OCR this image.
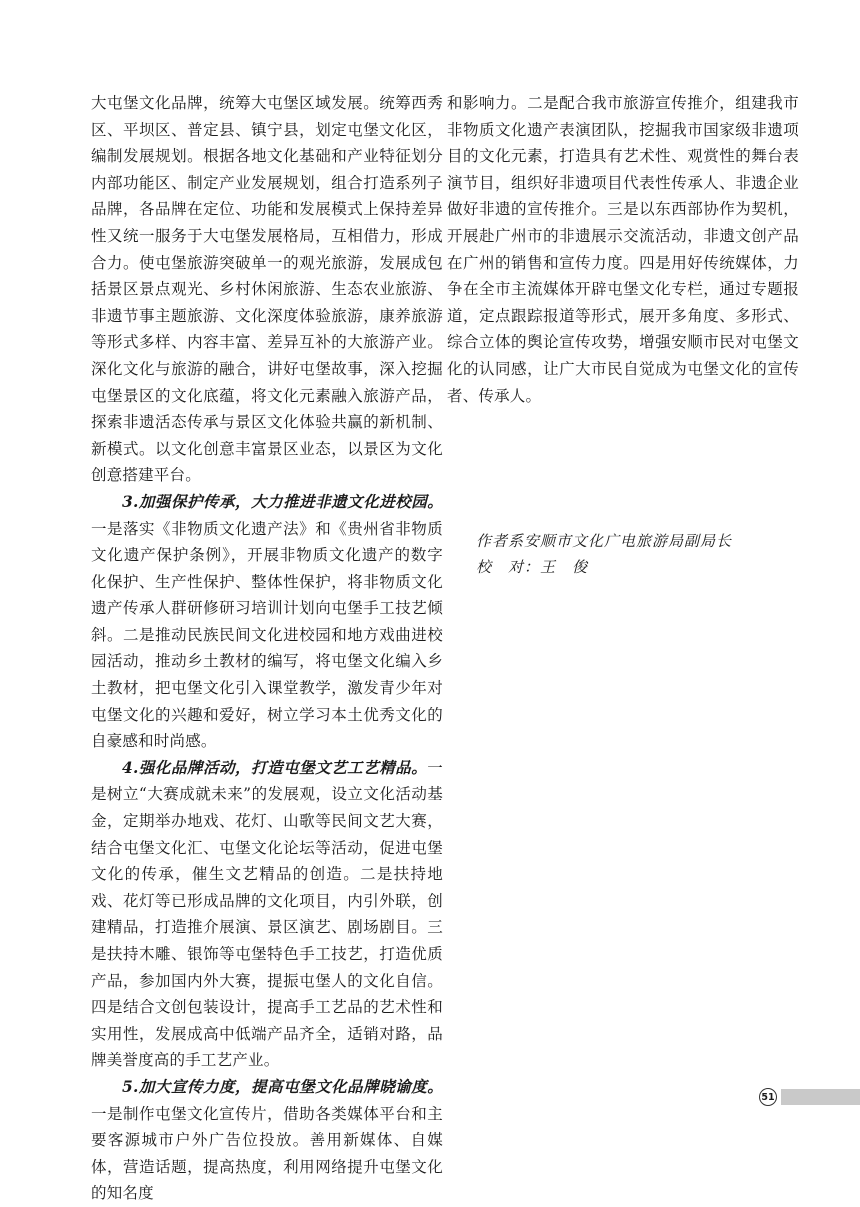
大屯堡文化品牌，统筹大屯堡区域发展。统筹西秀区、平坝区、普定县、镇宁县，划定屯堡文化区，编制发展规划。根据各地文化基础和产业特征划分内部功能区、制定产业发展规划，组合打造系列子品牌，各品牌在定位、功能和发展模式上保持差异性又统一服务于大屯堡发展格局，互相借力，形成合力。使屯堡旅游突破单一的观光旅游，发展成包括景区景点观光、乡村休闲旅游、生态农业旅游、非遗节事主题旅游、文化深度体验旅游，康养旅游等形式多样、内容丰富、差异互补的大旅游产业。深化文化与旅游的融合，讲好屯堡故事，深入挖掘屯堡景区的文化底蕴，将文化元素融入旅游产品，探索非遗活态传承与景区文化体验共赢的新机制、新模式。以文化创意丰富景区业态，以景区为文化创意搭建平台。

3.加强保护传承，大力推进非遗文化进校园。一是落实《非物质文化遗产法》和《贵州省非物质文化遗产保护条例》，开展非物质文化遗产的数字化保护、生产性保护、整体性保护，将非物质文化遗产传承人群研修研习培训计划向屯堡手工技艺倾斜。二是推动民族民间文化进校园和地方戏曲进校园活动，推动乡土教材的编写，将屯堡文化编入乡土教材，把屯堡文化引入课堂教学，激发青少年对屯堡文化的兴趣和爱好，树立学习本土优秀文化的自豪感和时尚感。

4.强化品牌活动，打造屯堡文艺工艺精品。一是树立“大赛成就未来”的发展观，设立文化活动基金，定期举办地戏、花灯、山歌等民间文艺大赛，结合屯堡文化汇、屯堡文化论坛等活动，促进屯堡文化的传承，催生文艺精品的创造。二是扶持地戏、花灯等已形成品牌的文化项目，内引外联，创建精品，打造推介展演、景区演艺、剧场剧目。三是扶持木雕、银饰等屯堡特色手工技艺，打造优质产品，参加国内外大赛，提振屯堡人的文化自信。四是结合文创包装设计，提高手工艺品的艺术性和实用性，发展成高中低端产品齐全，适销对路，品牌美誉度高的手工艺产业。

5.加大宣传力度，提高屯堡文化品牌晓谕度。一是制作屯堡文化宣传片，借助各类媒体平台和主要客源城市户外广告位投放。善用新媒体、自媒体，营造话题，提高热度，利用网络提升屯堡文化的知名度

和影响力。二是配合我市旅游宣传推介，组建我市非物质文化遗产表演团队，挖掘我市国家级非遗项目的文化元素，打造具有艺术性、观赏性的舞台表演节目，组织好非遗项目代表性传承人、非遗企业做好非遗的宣传推介。三是以东西部协作为契机，开展赴广州市的非遗展示交流活动，非遗文创产品在广州的销售和宣传力度。四是用好传统媒体，力争在全市主流媒体开辟屯堡文化专栏，通过专题报道，定点跟踪报道等形式，展开多角度、多形式、综合立体的舆论宣传攻势，增强安顺市民对屯堡文化的认同感，让广大市民自觉成为屯堡文化的宣传者、传承人。

作者系安顺市文化广电旅游局副局长

校　对：王　俊

51
